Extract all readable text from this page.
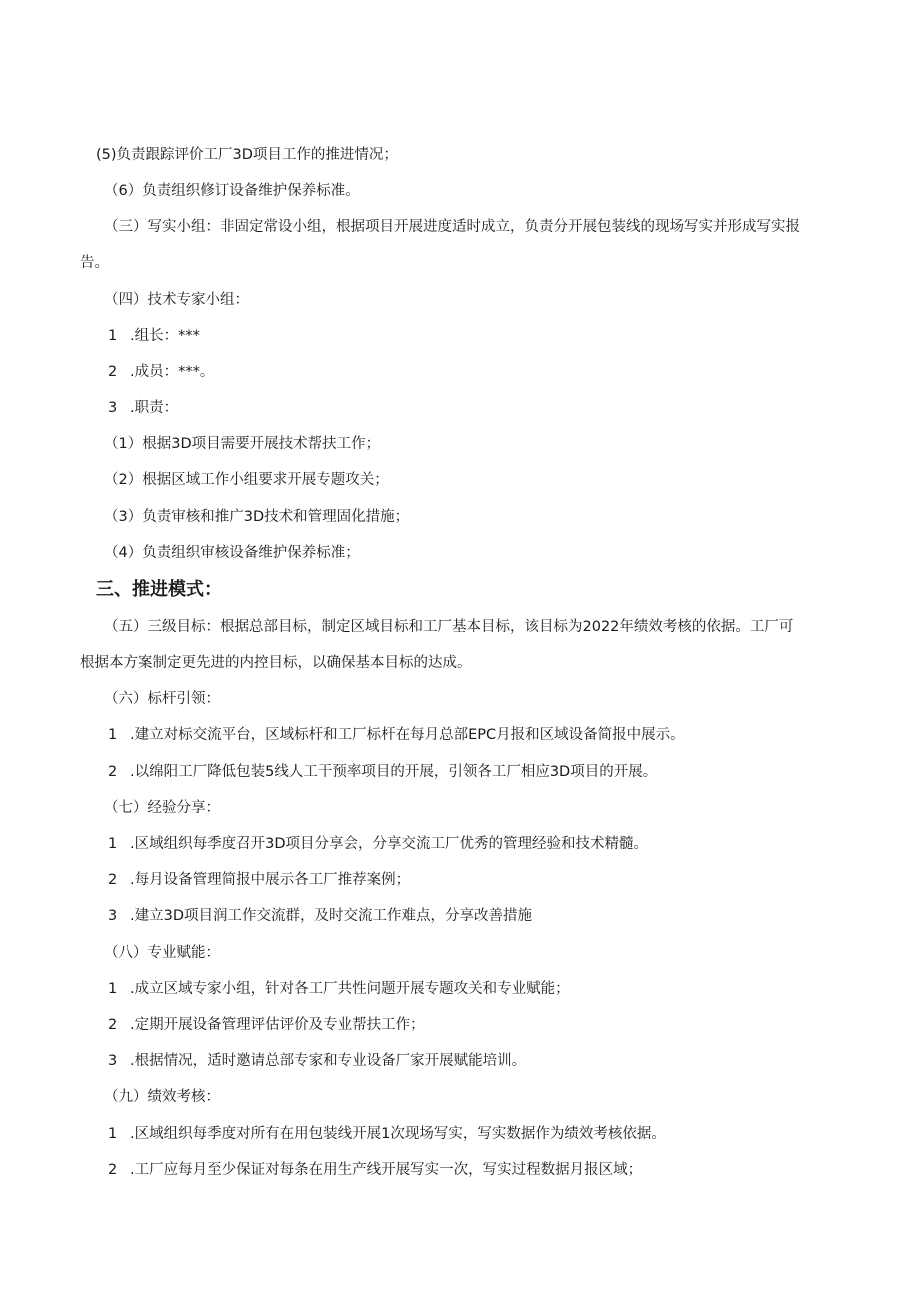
(5)负责跟踪评价工厂3D项目工作的推进情况；
（6）负责组织修订设备维护保养标准。
（三）写实小组：非固定常设小组，根据项目开展进度适时成立，负责分开展包装线的现场写实并形成写实报
告。
（四）技术专家小组：
1 .组长：***
2 .成员：***。
3 .职责：
（1）根据3D项目需要开展技术帮扶工作；
（2）根据区域工作小组要求开展专题攻关；
（3）负责审核和推广3D技术和管理固化措施；
（4）负责组织审核设备维护保养标准；
三、推进模式：
（五）三级目标：根据总部目标，制定区域目标和工厂基本目标，该目标为2022年绩效考核的依据。工厂可
根据本方案制定更先进的内控目标，以确保基本目标的达成。
（六）标杆引领：
1 .建立对标交流平台，区域标杆和工厂标杆在每月总部EPC月报和区域设备简报中展示。
2 .以绵阳工厂降低包装5线人工干预率项目的开展，引领各工厂相应3D项目的开展。
（七）经验分享：
1 .区域组织每季度召开3D项目分享会，分享交流工厂优秀的管理经验和技术精髓。
2 .每月设备管理简报中展示各工厂推荐案例；
3 .建立3D项目润工作交流群，及时交流工作难点，分享改善措施
（八）专业赋能：
1 .成立区域专家小组，针对各工厂共性问题开展专题攻关和专业赋能；
2 .定期开展设备管理评估评价及专业帮扶工作；
3 .根据情况，适时邀请总部专家和专业设备厂家开展赋能培训。
（九）绩效考核：
1 .区域组织每季度对所有在用包装线开展1次现场写实，写实数据作为绩效考核依据。
2 .工厂应每月至少保证对每条在用生产线开展写实一次，写实过程数据月报区域；
